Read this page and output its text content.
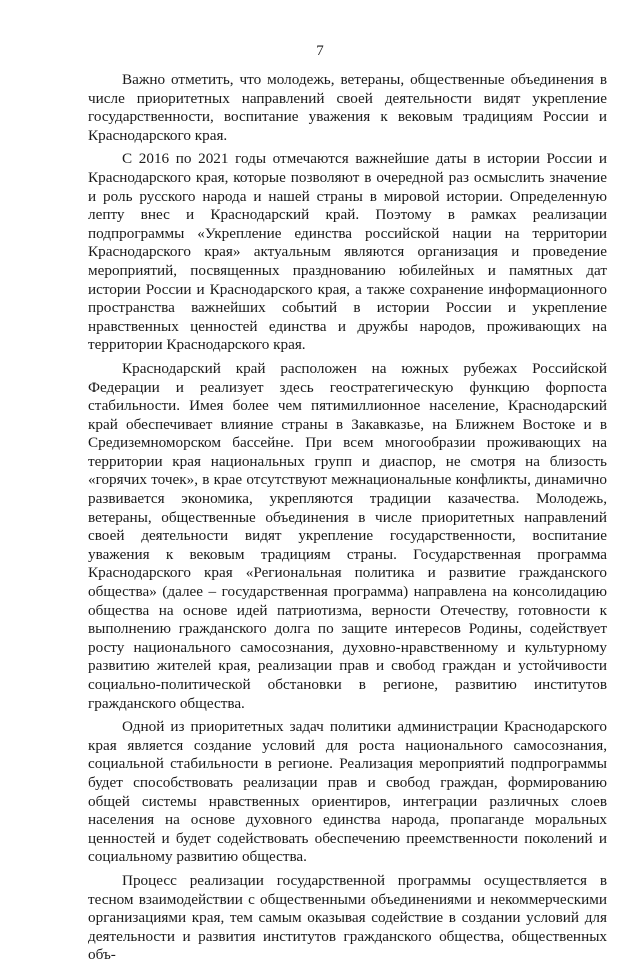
7

Важно отметить, что молодежь, ветераны, общественные объединения в числе приоритетных направлений своей деятельности видят укрепление государственности, воспитание уважения к вековым традициям России и Краснодарского края.

С 2016 по 2021 годы отмечаются важнейшие даты в истории России и Краснодарского края, которые позволяют в очередной раз осмыслить значение и роль русского народа и нашей страны в мировой истории. Определенную лепту внес и Краснодарский край. Поэтому в рамках реализации подпрограммы «Укрепление единства российской нации на территории Краснодарского края» актуальным являются организация и проведение мероприятий, посвященных празднованию юбилейных и памятных дат истории России и Краснодарского края, а также сохранение информационного пространства важнейших событий в истории России и укрепление нравственных ценностей единства и дружбы народов, проживающих на территории Краснодарского края.

Краснодарский край расположен на южных рубежах Российской Федерации и реализует здесь геостратегическую функцию форпоста стабильности. Имея более чем пятимиллионное население, Краснодарский край обеспечивает влияние страны в Закавказье, на Ближнем Востоке и в Средиземноморском бассейне. При всем многообразии проживающих на территории края национальных групп и диаспор, не смотря на близость «горячих точек», в крае отсутствуют межнациональные конфликты, динамично развивается экономика, укрепляются традиции казачества. Молодежь, ветераны, общественные объединения в числе приоритетных направлений своей деятельности видят укрепление государственности, воспитание уважения к вековым традициям страны. Государственная программа Краснодарского края «Региональная политика и развитие гражданского общества» (далее – государственная программа) направлена на консолидацию общества на основе идей патриотизма, верности Отечеству, готовности к выполнению гражданского долга по защите интересов Родины, содействует росту национального самосознания, духовно-нравственному и культурному развитию жителей края, реализации прав и свобод граждан и устойчивости социально-политической обстановки в регионе, развитию институтов гражданского общества.

Одной из приоритетных задач политики администрации Краснодарского края является создание условий для роста национального самосознания, социальной стабильности в регионе. Реализация мероприятий подпрограммы будет способствовать реализации прав и свобод граждан, формированию общей системы нравственных ориентиров, интеграции различных слоев населения на основе духовного единства народа, пропаганде моральных ценностей и будет содействовать обеспечению преемственности поколений и социальному развитию общества.

Процесс реализации государственной программы осуществляется в тесном взаимодействии с общественными объединениями и некоммерческими организациями края, тем самым оказывая содействие в создании условий для деятельности и развития институтов гражданского общества, общественных объ-
